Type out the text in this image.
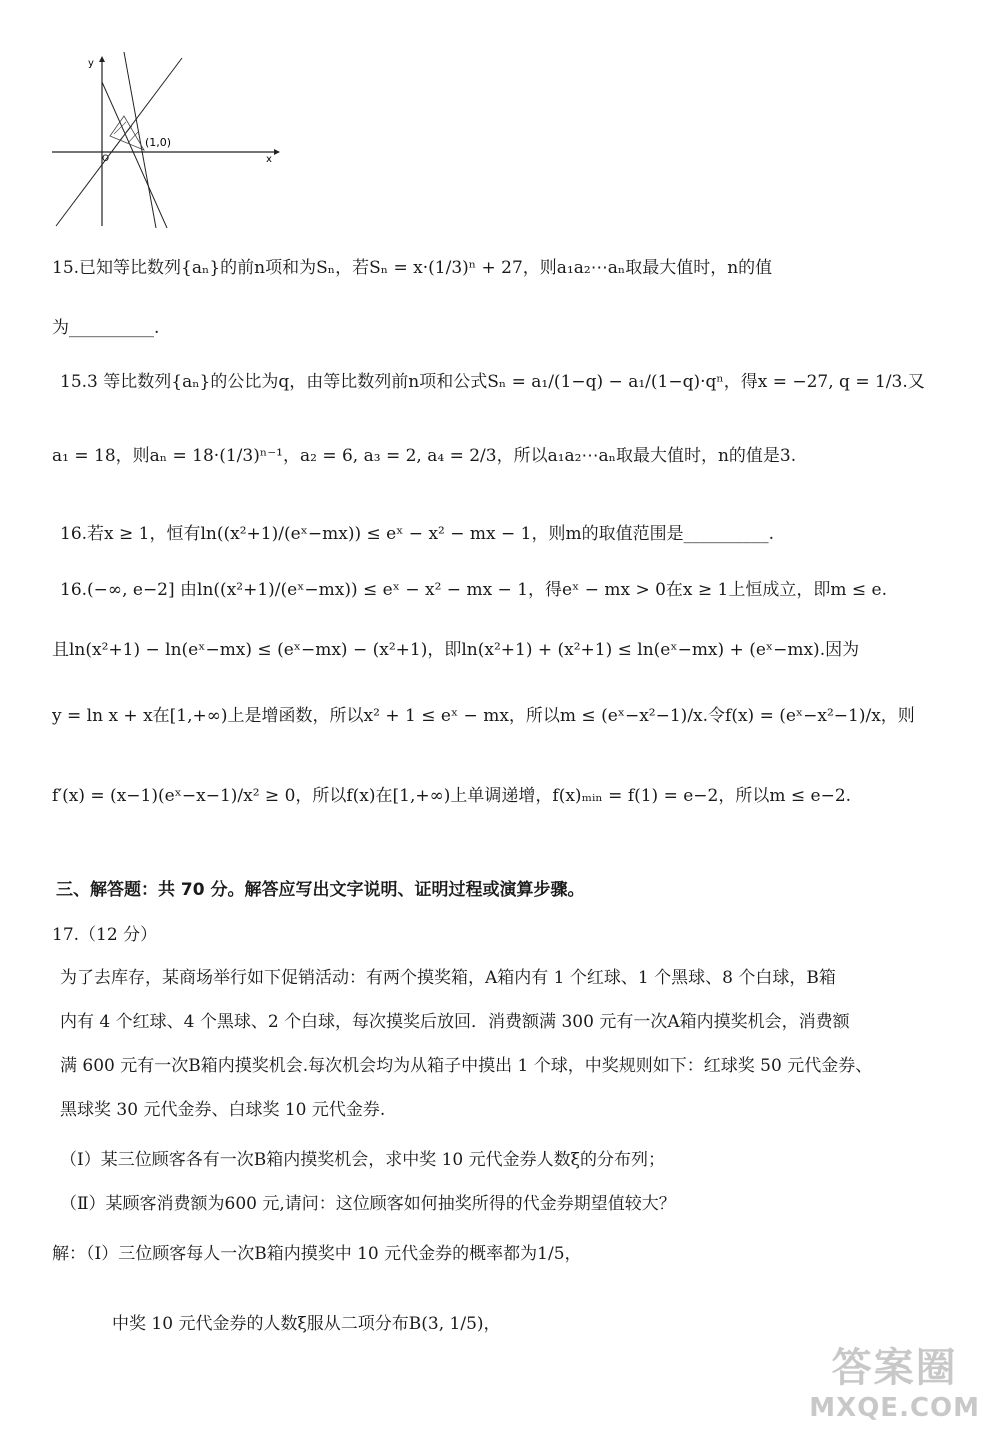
y
x
O
(1,0)
15.已知等比数列{aₙ}的前n项和为Sₙ，若Sₙ = x·(1/3)ⁿ + 27，则a₁a₂⋯aₙ取最大值时，n的值
为__________.
15.3 等比数列{aₙ}的公比为q，由等比数列前n项和公式Sₙ = a₁/(1−q) − a₁/(1−q)·qⁿ，得x = −27, q = 1/3.又
a₁ = 18，则aₙ = 18·(1/3)ⁿ⁻¹，a₂ = 6, a₃ = 2, a₄ = 2/3，所以a₁a₂⋯aₙ取最大值时，n的值是3.
16.若x ≥ 1，恒有ln((x²+1)/(eˣ−mx)) ≤ eˣ − x² − mx − 1，则m的取值范围是__________.
16.(−∞, e−2] 由ln((x²+1)/(eˣ−mx)) ≤ eˣ − x² − mx − 1，得eˣ − mx > 0在x ≥ 1上恒成立，即m ≤ e.
且ln(x²+1) − ln(eˣ−mx) ≤ (eˣ−mx) − (x²+1)，即ln(x²+1) + (x²+1) ≤ ln(eˣ−mx) + (eˣ−mx).因为
y = ln x + x在[1,+∞)上是增函数，所以x² + 1 ≤ eˣ − mx，所以m ≤ (eˣ−x²−1)/x.令f(x) = (eˣ−x²−1)/x，则
f′(x) = (x−1)(eˣ−x−1)/x² ≥ 0，所以f(x)在[1,+∞)上单调递增，f(x)ₘᵢₙ = f(1) = e−2，所以m ≤ e−2.
三、解答题：共 70 分。解答应写出文字说明、证明过程或演算步骤。
17.（12 分）
为了去库存，某商场举行如下促销活动：有两个摸奖箱，A箱内有 1 个红球、1 个黑球、8 个白球，B箱
内有 4 个红球、4 个黑球、2 个白球，每次摸奖后放回．消费额满 300 元有一次A箱内摸奖机会，消费额
满 600 元有一次B箱内摸奖机会.每次机会均为从箱子中摸出 1 个球，中奖规则如下：红球奖 50 元代金券、
黑球奖 30 元代金券、白球奖 10 元代金券.
（Ⅰ）某三位顾客各有一次B箱内摸奖机会，求中奖 10 元代金券人数ξ的分布列；
（Ⅱ）某顾客消费额为600 元,请问：这位顾客如何抽奖所得的代金券期望值较大？
解：（Ⅰ）三位顾客每人一次B箱内摸奖中 10 元代金券的概率都为1/5，
中奖 10 元代金券的人数ξ服从二项分布B(3, 1/5)，
答案圈
MXQE.COM
